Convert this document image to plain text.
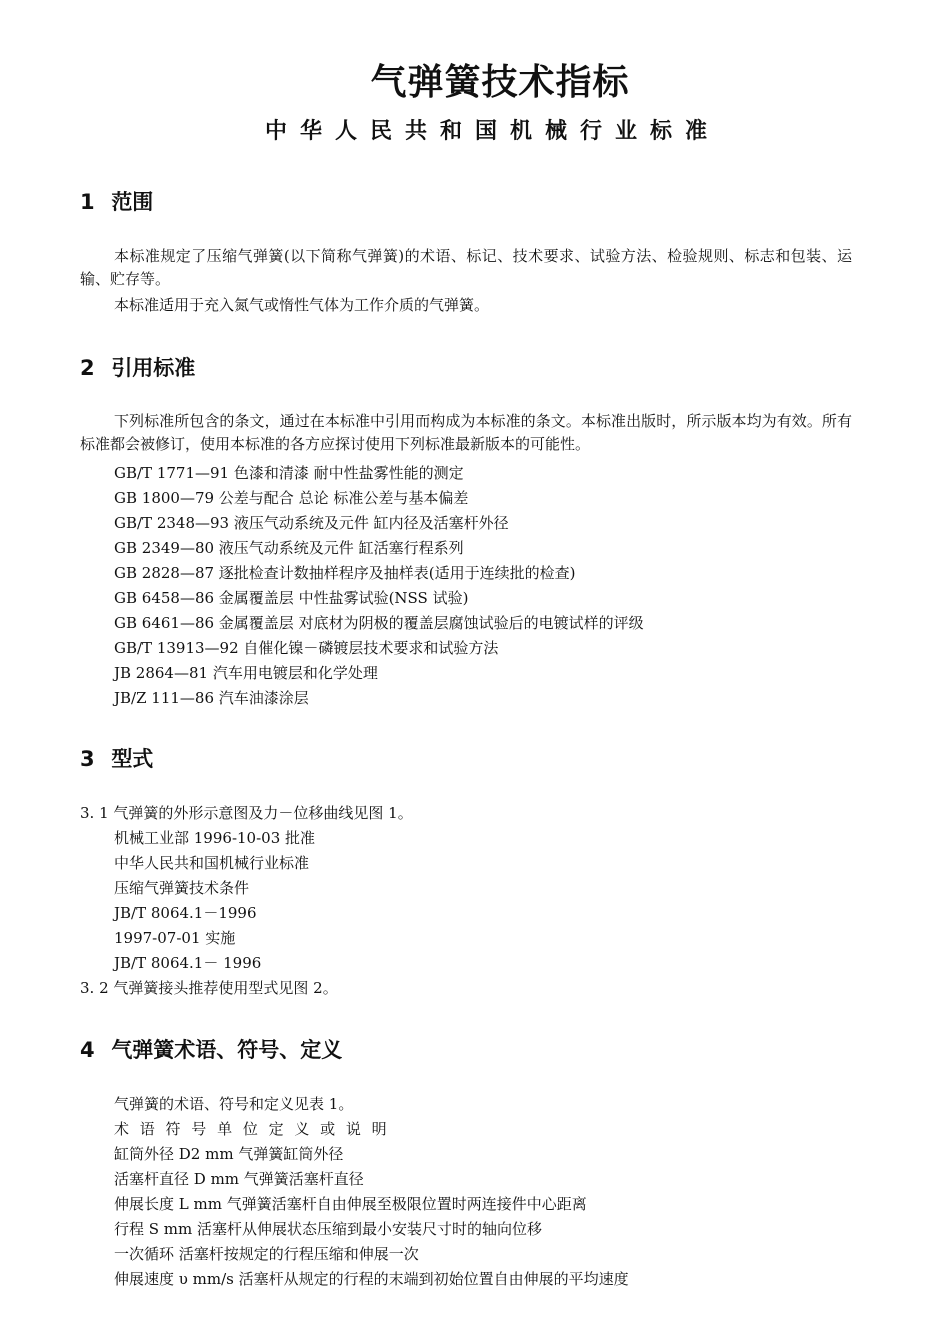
气弹簧技术指标
中华人民共和国机械行业标准
1 范围

本标准规定了压缩气弹簧(以下简称气弹簧)的术语、标记、技术要求、试验方法、检验规则、标志和包装、运输、贮存等。

本标准适用于充入氮气或惰性气体为工作介质的气弹簧。

2 引用标准

下列标准所包含的条文，通过在本标准中引用而构成为本标准的条文。本标准出版时，所示版本均为有效。所有标准都会被修订，使用本标准的各方应探讨使用下列标准最新版本的可能性。

GB/T 1771—91 色漆和清漆 耐中性盐雾性能的测定

GB 1800—79 公差与配合 总论 标准公差与基本偏差

GB/T 2348—93 液压气动系统及元件 缸内径及活塞杆外径

GB 2349—80 液压气动系统及元件 缸活塞行程系列

GB 2828—87 逐批检查计数抽样程序及抽样表(适用于连续批的检查)

GB 6458—86 金属覆盖层 中性盐雾试验(NSS 试验)

GB 6461—86 金属覆盖层 对底材为阴极的覆盖层腐蚀试验后的电镀试样的评级

GB/T 13913—92 自催化镍－磷镀层技术要求和试验方法

JB 2864—81 汽车用电镀层和化学处理

JB/Z 111—86 汽车油漆涂层

3 型式

3. 1 气弹簧的外形示意图及力－位移曲线见图 1。

机械工业部 1996-10-03 批准

中华人民共和国机械行业标准

压缩气弹簧技术条件

JB/T 8064.1－1996

1997-07-01 实施

JB/T 8064.1－ 1996

3. 2 气弹簧接头推荐使用型式见图 2。

4 气弹簧术语、符号、定义

气弹簧的术语、符号和定义见表 1。

术 语 符 号 单 位 定 义 或 说 明

缸筒外径 D2 mm 气弹簧缸筒外径

活塞杆直径 D mm 气弹簧活塞杆直径

伸展长度 L mm 气弹簧活塞杆自由伸展至极限位置时两连接件中心距离

行程 S mm 活塞杆从伸展状态压缩到最小安装尺寸时的轴向位移

一次循环 活塞杆按规定的行程压缩和伸展一次

伸展速度 υ mm/s 活塞杆从规定的行程的末端到初始位置自由伸展的平均速度
